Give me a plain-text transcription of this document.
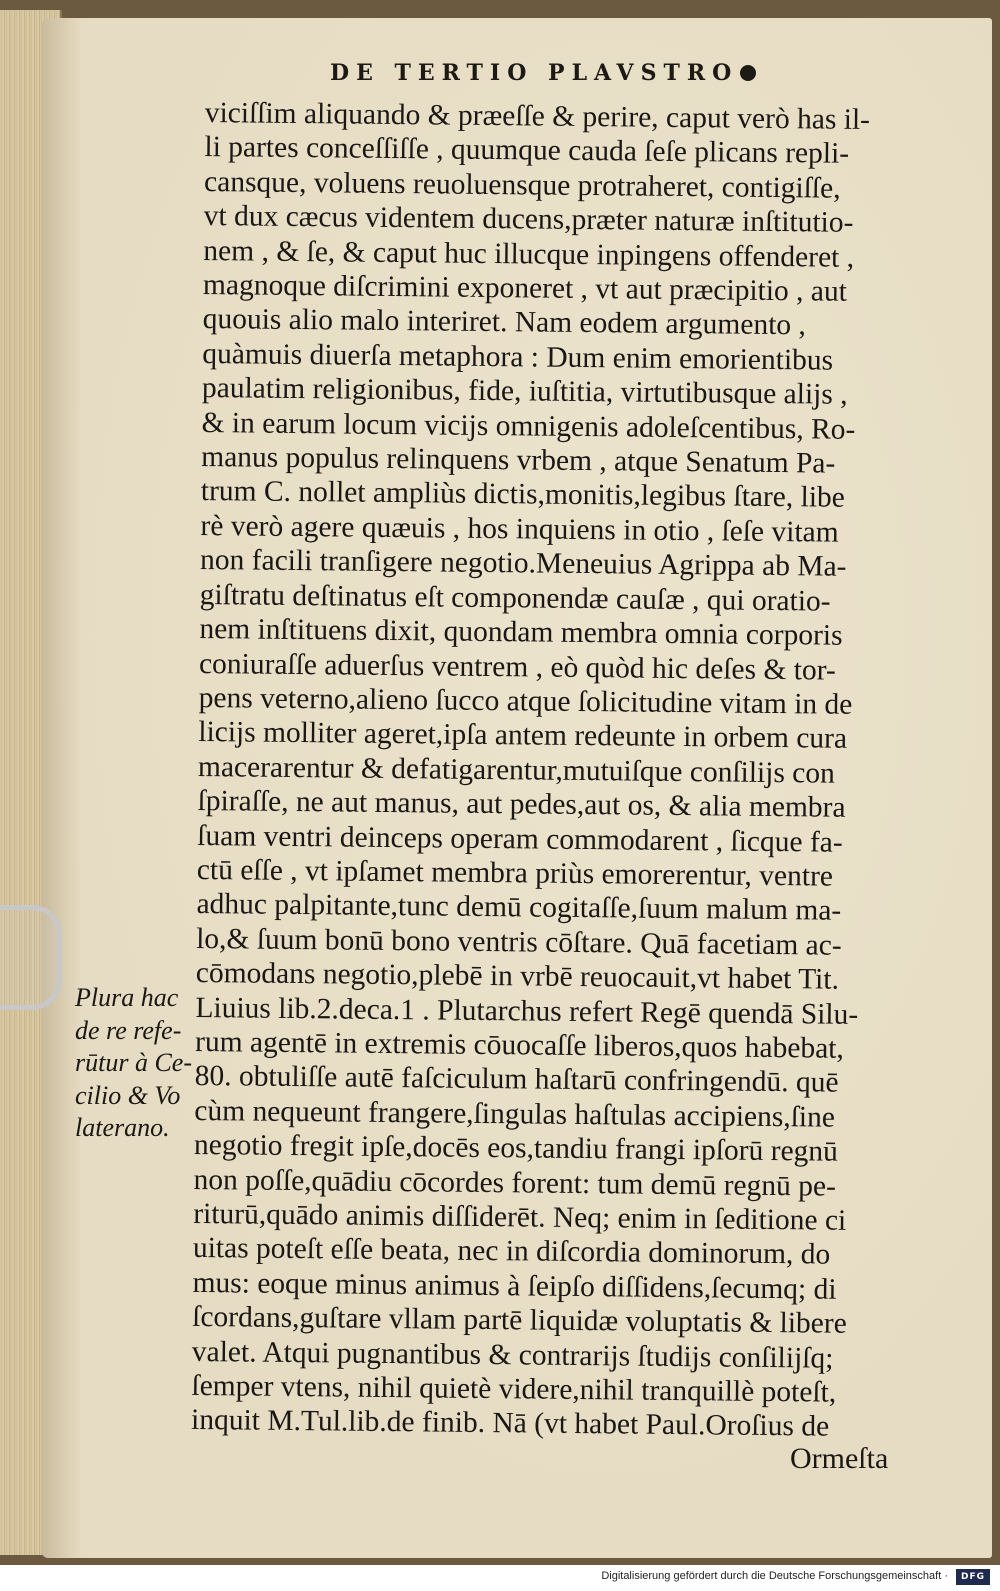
DE TERTIO PLAVSTRO
viciſſim aliquando & præeſſe & perire, caput verò has il-
li partes conceſſiſſe , quumque cauda ſeſe plicans repli-
cansque, voluens reuoluensque protraheret, contigiſſe,
vt dux cæcus videntem ducens,præter naturæ inſtitutio-
nem , & ſe, & caput huc illucque inpingens offenderet ,
magnoque diſcrimini exponeret , vt aut præcipitio , aut
quouis alio malo interiret. Nam eodem argumento ,
quàmuis diuerſa metaphora : Dum enim emorientibus
paulatim religionibus, fide, iuſtitia, virtutibusque alijs ,
& in earum locum vicijs omnigenis adoleſcentibus, Ro-
manus populus relinquens vrbem , atque Senatum Pa-
trum C. nollet ampliùs dictis,monitis,legibus ſtare, libe
rè verò agere quæuis , hos inquiens in otio , ſeſe vitam
non facili tranſigere negotio.Meneuius Agrippa ab Ma-
giſtratu deſtinatus eſt componendæ cauſæ , qui oratio-
nem inſtituens dixit, quondam membra omnia corporis
coniuraſſe aduerſus ventrem , eò quòd hic deſes & tor-
pens veterno,alieno ſucco atque ſolicitudine vitam in de
licijs molliter ageret,ipſa antem redeunte in orbem cura
macerarentur & defatigarentur,mutuiſque conſilijs con
ſpiraſſe, ne aut manus, aut pedes,aut os, & alia membra
ſuam ventri deinceps operam commodarent , ſicque fa-
ctū eſſe , vt ipſamet membra priùs emorerentur, ventre
adhuc palpitante,tunc demū cogitaſſe,ſuum malum ma-
lo,& ſuum bonū bono ventris cōſtare. Quā facetiam ac-
cōmodans negotio,plebē in vrbē reuocauit,vt habet Tit.
Liuius lib.2.deca.1 . Plutarchus refert Regē quendā Silu-
rum agentē in extremis cōuocaſſe liberos,quos habebat,
80. obtuliſſe autē faſciculum haſtarū confringendū. quē
cùm nequeunt frangere,ſingulas haſtulas accipiens,ſine
negotio fregit ipſe,docēs eos,tandiu frangi ipſorū regnū
non poſſe,quādiu cōcordes forent: tum demū regnū pe-
riturū,quādo animis diſſiderēt. Neq; enim in ſeditione ci
uitas poteſt eſſe beata, nec in diſcordia dominorum, do
mus: eoque minus animus à ſeipſo diſſidens,ſecumq; di
ſcordans,guſtare vllam partē liquidæ voluptatis & libere
valet. Atqui pugnantibus & contrarijs ſtudijs conſilijſq;
ſemper vtens, nihil quietè videre,nihil tranquillè poteſt,
inquit M.Tul.lib.de finib. Nā (vt habet Paul.Oroſius de
Ormeſta
Plura hac
de re refe-
rūtur à Ce-
cilio & Vo
laterano.
Digitalisierung gefördert durch die Deutsche Forschungsgemeinschaft ·	DFG
